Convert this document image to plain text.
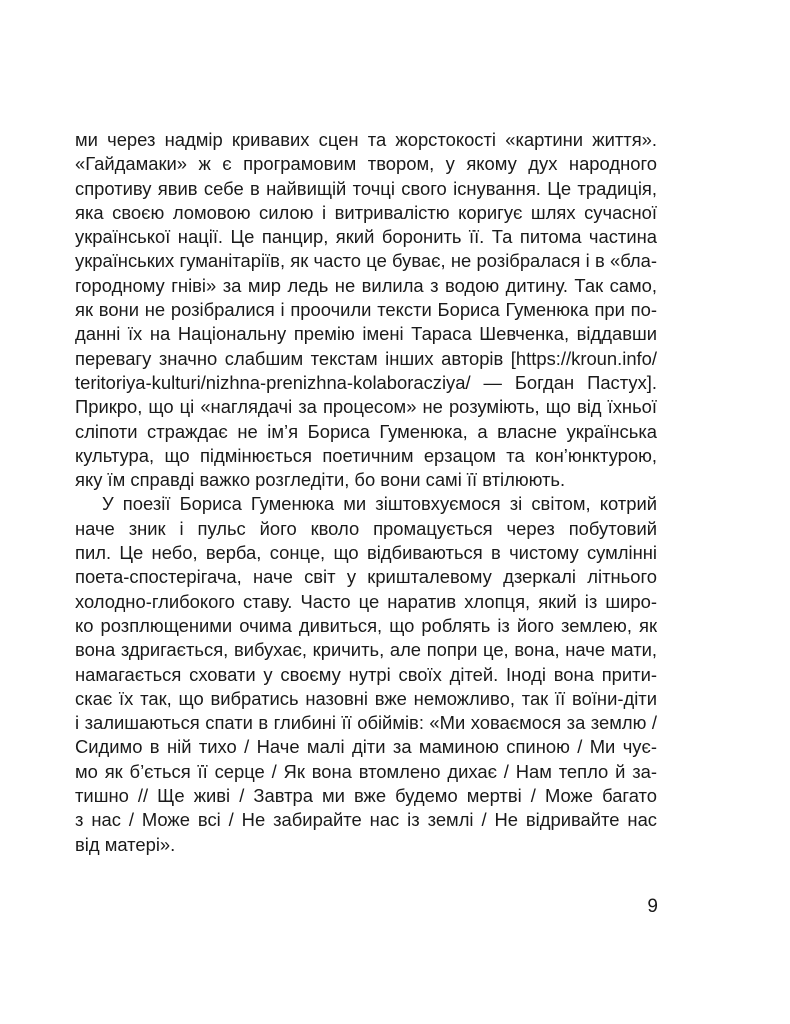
ми через надмір кривавих сцен та жорстокості «картини життя».
«Гайдамаки» ж є програмовим твором, у якому дух народного
спротиву явив себе в найвищій точці свого існування. Це традиція,
яка своєю ломовою силою і витривалістю коригує шлях сучасної
української нації. Це панцир, який боронить її. Та питома частина
українських гуманітаріїв, як часто це буває, не розібралася і в «бла-
городному гніві» за мир ледь не вилила з водою дитину. Так само,
як вони не розібралися і проочили тексти Бориса Гуменюка при по-
данні їх на Національну премію імені Тараса Шевченка, віддавши
перевагу значно слабшим текстам інших авторів [https://kroun.info/
teritoriya-kulturi/nizhna-prenizhna-kolaboracziya/ — Богдан Пастух].
Прикро, що ці «наглядачі за процесом» не розуміють, що від їхньої
сліпоти страждає не ім’я Бориса Гуменюка, а власне українська
культура, що підмінюється поетичним ерзацом та кон’юнктурою,
яку їм справді важко розгледіти, бо вони самі її втілюють.
У поезії Бориса Гуменюка ми зіштовхуємося зі світом, котрий
наче зник і пульс його кволо промацується через побутовий
пил. Це небо, верба, сонце, що відбиваються в чистому сумлінні
поета-спостерігача, наче світ у кришталевому дзеркалі літнього
холодно-глибокого ставу. Часто це наратив хлопця, який із широ-
ко розплющеними очима дивиться, що роблять із його землею, як
вона здригається, вибухає, кричить, але попри це, вона, наче мати,
намагається сховати у своєму нутрі своїх дітей. Іноді вона прити-
скає їх так, що вибратись назовні вже неможливо, так її воїни-діти
і залишаються спати в глибині її обіймів: «Ми ховаємося за землю /
Сидимо в ній тихо / Наче малі діти за маминою спиною / Ми чує-
мо як б’ється її серце / Як вона втомлено дихає / Нам тепло й за-
тишно // Ще живі / Завтра ми вже будемо мертві / Може багато
з нас / Може всі / Не забирайте нас із землі / Не відривайте нас
від матері».
9
